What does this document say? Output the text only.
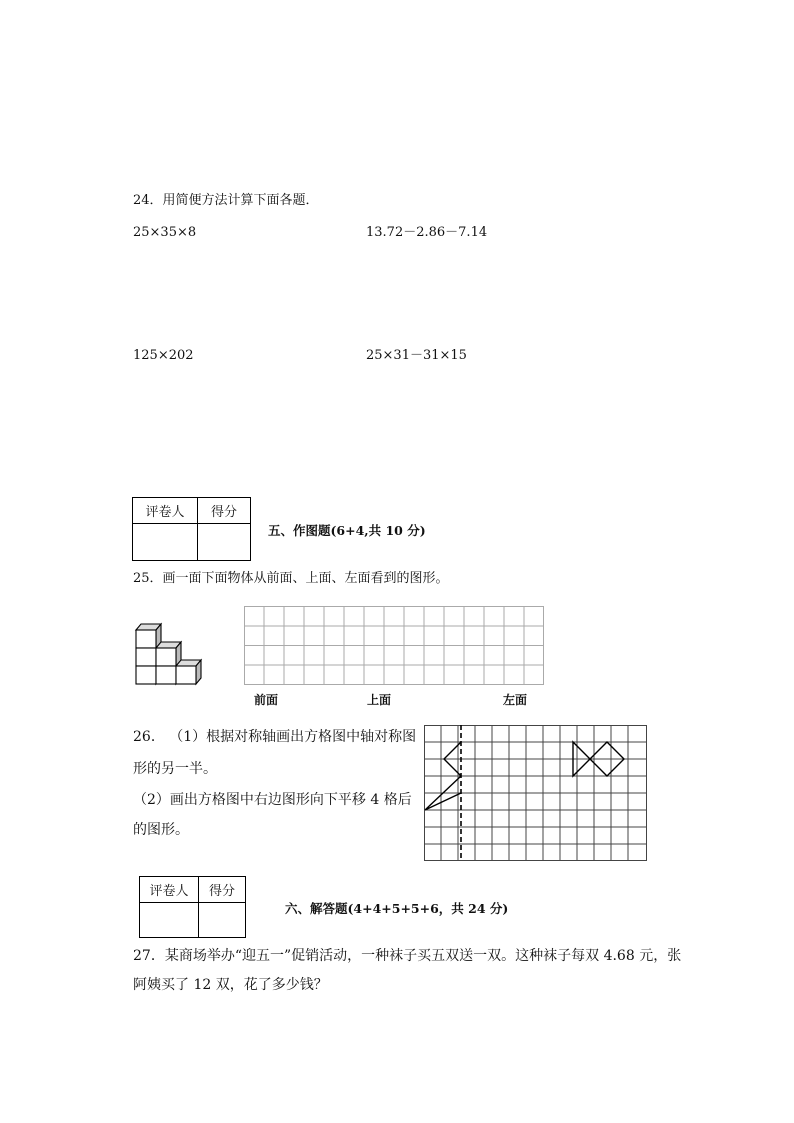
24．用简便方法计算下面各题．
25×35×8	13.72－2.86－7.14
125×202	25×31－31×15
评卷人	得分

五、作图题(6+4,共 10 分)
25．画一面下面物体从前面、上面、左面看到的图形。
前面	上面	左面
26． （1）根据对称轴画出方格图中轴对称图
形的另一半。
（2）画出方格图中右边图形向下平移 4 格后
的图形。
评卷人	得分

六、解答题(4+4+5+5+6，共 24 分)
27．某商场举办“迎五一”促销活动，一种袜子买五双送一双。这种袜子每双 4.68 元，张
阿姨买了 12 双，花了多少钱？
